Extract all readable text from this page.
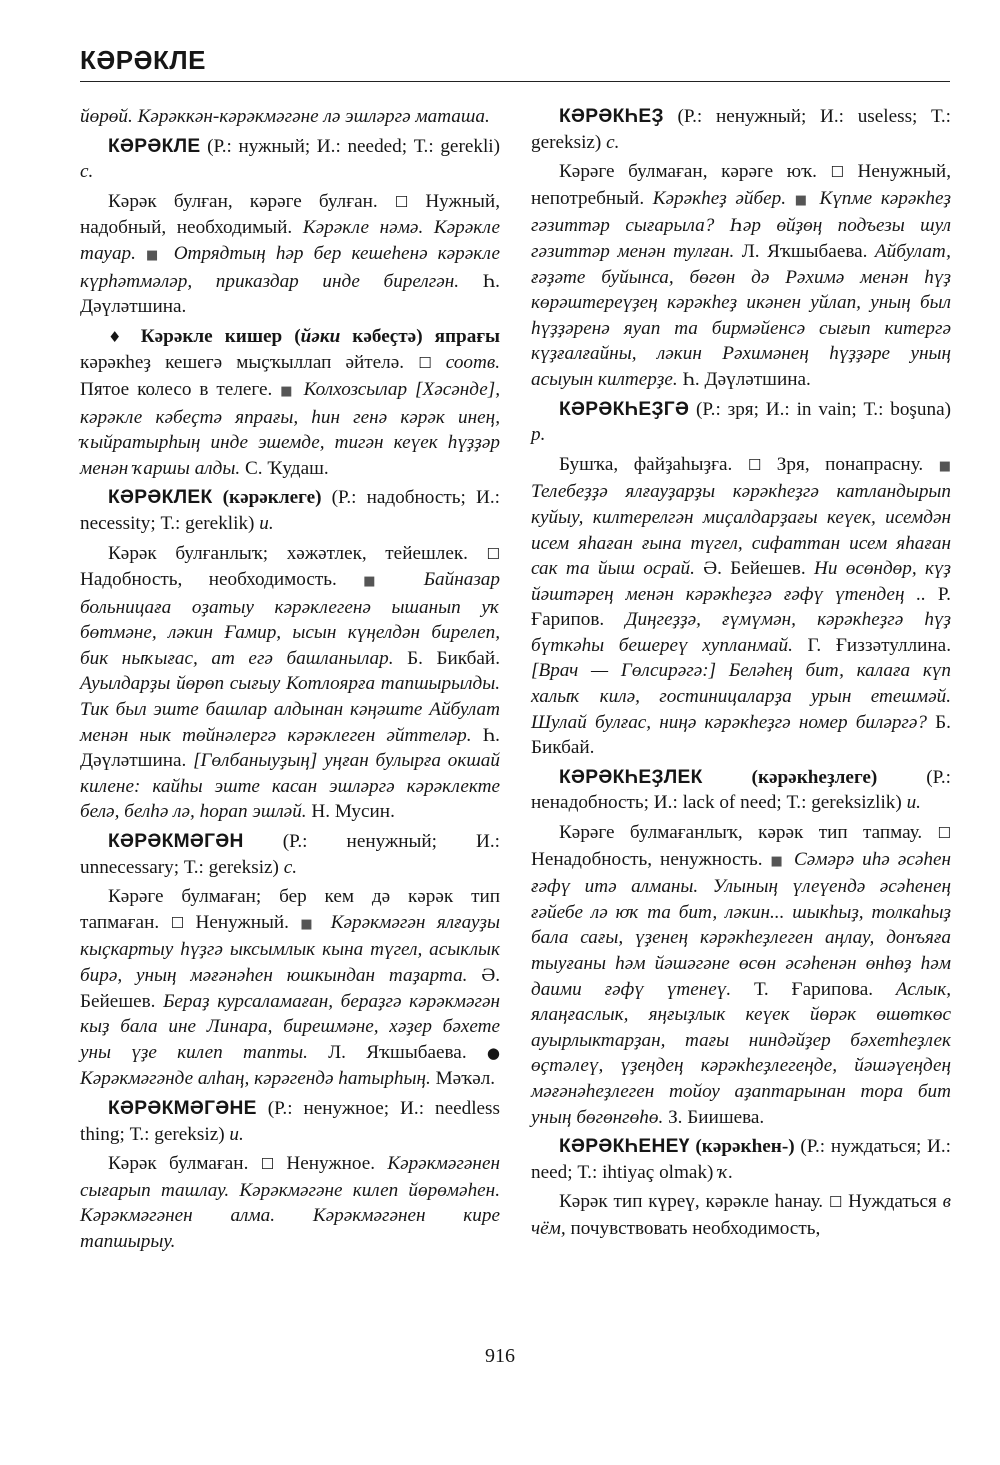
КӘРӘКЛЕ

йөрөй. Кәрәккән-кәрәкмәгәне лә эшләргә маташа.

КӘРӘКЛЕ (Р.: нужный; И.: needed; Т.: gerekli) с.

Кәрәк булған, кәрәге булған. ☐ Нужный, надобный, необходимый. Кәрәкле нәмә. Кәрәкле тауар. ■ Отрядтың һәр бер кешеһенә кәрәкле күрһәтмәләр, приказдар инде бирелгән. Һ. Дәүләтшина.

♦ Кәрәкле кишер (йәки кәбеҫтә) япрағы кәрәкһеҙ кешегә мыҫҡыллап әйтелә. ☐ соотв. Пятое колесо в телеге. ■ Колхозсылар [Хәсәнде], кәрәкле кәбеҫтә япрағы, һин генә кәрәк инең, ҡыйратырһың инде эшемде, тигән кеүек һүҙҙәр менән ҡаршы алды. С. Ҡудаш.

КӘРӘКЛЕК (кәрәклеге) (Р.: надобность; И.: necessity; Т.: gereklik) и.

Кәрәк булғанлыҡ; хәжәтлек, тейешлек. ☐ Надобность, необходимость. ■ Байназар больницаға оҙатыу кәрәклегенә ышанып уҡ бөтмәне, ләкин Ғамир, ысын күңелдән бирелеп, бик ныҡығас, ат егә башланылар. Б. Бикбай. Ауылдарҙы йөрөп сығыу Котлоярға тапшырылды. Тик был эште башлар алдынан кәңәште Айбулат менән нык төйнәлергә кәрәклеген әйттеләр. Һ. Дәүләтшина. [Гөлбаныуҙың] уңған булырға окшай килене: кайһы эште касан эшләргә кәрәклекте белә, белһә лә, һорап эшләй. Н. Мусин.

КӘРӘКМӘГӘН (Р.: ненужный; И.: unnecessary; Т.: gereksiz) с.

Кәрәге булмаған; бер кем дә кәрәк тип тапмаған. ☐ Ненужный. ■ Кәрәкмәгән ялғауҙы кыҫкартыу һүҙгә ыксымлык кына түгел, асыклык бирә, уның мәғәнәһен юшкындан таҙарта. Ә. Бейешев. Бераҙ курсаламаған, бераҙгә кәрәкмәгән кыҙ бала ине Линара, бирешмәне, хәҙер бәхете уны үҙе килеп тапты. Л. Яҡшыбаева. ● Кәрәкмәгәнде алһаң, кәрәгендә һатырһың. Мәҡәл.

КӘРӘКМӘГӘНЕ (Р.: ненужное; И.: needless thing; Т.: gereksiz) и.

Кәрәк булмаған. ☐ Ненужное. Кәрәкмәгәнен сығарып ташлау. Кәрәкмәгәне килеп йөрөмәһен. Кәрәкмәгәнен алма. Кәрәкмәгәнен кире тапшырыу.

КӘРӘКҺЕҘ (Р.: ненужный; И.: useless; Т.: gereksiz) с.

Кәрәге булмаған, кәрәге юҡ. ☐ Ненужный, непотребный. Кәрәкһеҙ әйбер. ■ Күпме кәрәкһеҙ гәзиттәр сығарыла? Һәр өйҙөң подъезы шул гәзиттәр менән тулған. Л. Яҡшыбаева. Айбулат, ғәҙәте буйынса, бөгөн дә Рәхимә менән һүҙ көрәштереүҙең кәрәкһеҙ икәнен уйлап, уның был һүҙҙәренә яуап та бирмәйенсә сығып китергә күҙғалғайны, ләкин Рәхимәнең һүҙҙәре уның асыуын килтерҙе. Һ. Дәүләтшина.

КӘРӘКҺЕҘГӘ (Р.: зря; И.: in vain; Т.: boşuna) р.

Бушҡа, файҙаһыҙға. ☐ Зря, понапрасну. ■ Телебеҙҙә ялғауҙарҙы кәрәкһеҙгә катландырып куйыу, килтерелгән миҫалдарҙағы кеүек, исемдән исем яһаған ғына түгел, сифаттан исем яһаған сак та йыш осрай. Ә. Бейешев. Ни өсөндөр, күҙ йәштәрең менән кәрәкһеҙгә ғәфү үтендең .. Р. Ғарипов. Диңгеҙҙә, ғүмүмән, кәрәкһеҙгә һүҙ бүткәһы бешереү хупланмай. Г. Ғиззәтуллина. [Врач — Гөлсирәгә:] Беләһең бит, калаға күп халыҡ килә, гостиницаларҙа урын етешмәй. Шулай булғас, ниңә кәрәкһеҙгә номер биләргә? Б. Бикбай.

КӘРӘКҺЕҘЛЕК (кәрәкһеҙлеге) (Р.: ненадобность; И.: lack of need; Т.: gereksizlik) и.

Кәрәге булмағанлыҡ, кәрәк тип тапмау. ☐ Ненадобность, ненужность. ■ Сәмәрә иһә әсәһен ғәфү итә алманы. Улының үлеүендә әсәһенең ғәйебе лә юҡ та бит, ләкин... шыкһыҙ, толкаһыҙ бала сағы, үҙенең кәрәкһеҙлеген аңлау, донъяға тыуғаны һәм йәшәгәне өсөн әсәһенән өнһөҙ һәм даими ғәфү үтенеү. Т. Ғарипова. Аслык, ялаңғаслык, яңғыҙлык кеүек йөрәк өшөткөс ауырлыктарҙан, тағы ниндәйҙер бәхетһеҙлек өҫтәлеү, үҙеңдең кәрәкһеҙлегеңде, йәшәүеңдең мәғәнәһеҙлеген тойоу аҙаптарынан тора бит уның бөгөнгөһө. З. Биишева.

КӘРӘКҺЕНЕҮ (кәрәкһен-) (Р.: нуждаться; И.: need; Т.: ihtiyaç olmak) ҡ.

Кәрәк тип күреү, кәрәкле һанау. ☐ Нуждаться в чём, почувствовать необходимость,

916
